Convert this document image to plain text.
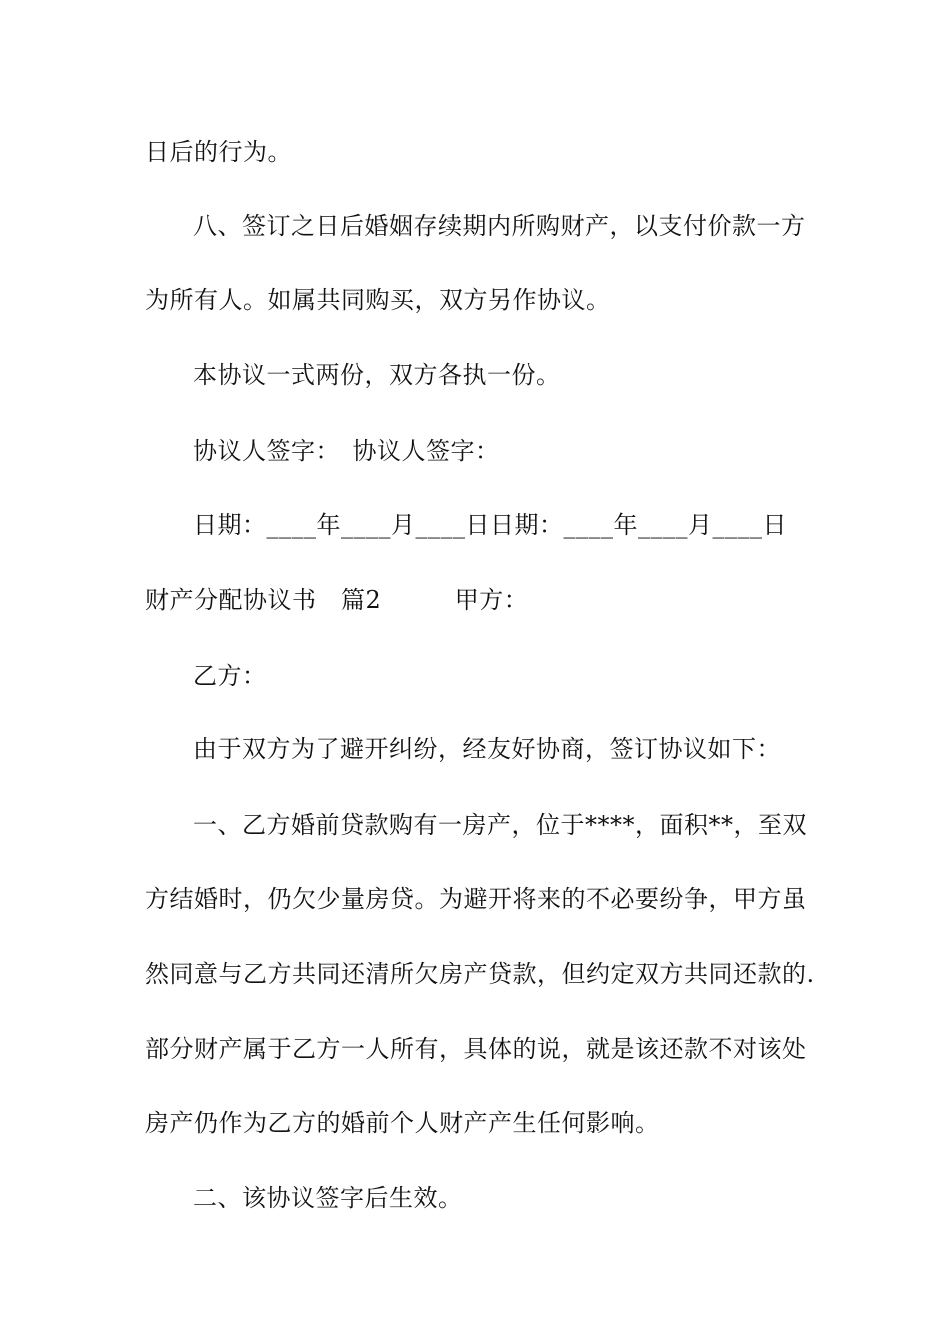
日后的行为。
八、签订之日后婚姻存续期内所购财产，以支付价款一方
为所有人。如属共同购买，双方另作协议。
本协议一式两份，双方各执一份。
协议人签字：　协议人签字：
日期：____年____月____日日期：____年____月____日
财产分配协议书　篇2　　　甲方：
乙方：
由于双方为了避开纠纷，经友好协商，签订协议如下：
一、乙方婚前贷款购有一房产，位于****，面积**，至双
方结婚时，仍欠少量房贷。为避开将来的不必要纷争，甲方虽
然同意与乙方共同还清所欠房产贷款，但约定双方共同还款的.
部分财产属于乙方一人所有，具体的说，就是该还款不对该处
房产仍作为乙方的婚前个人财产产生任何影响。
二、该协议签字后生效。
